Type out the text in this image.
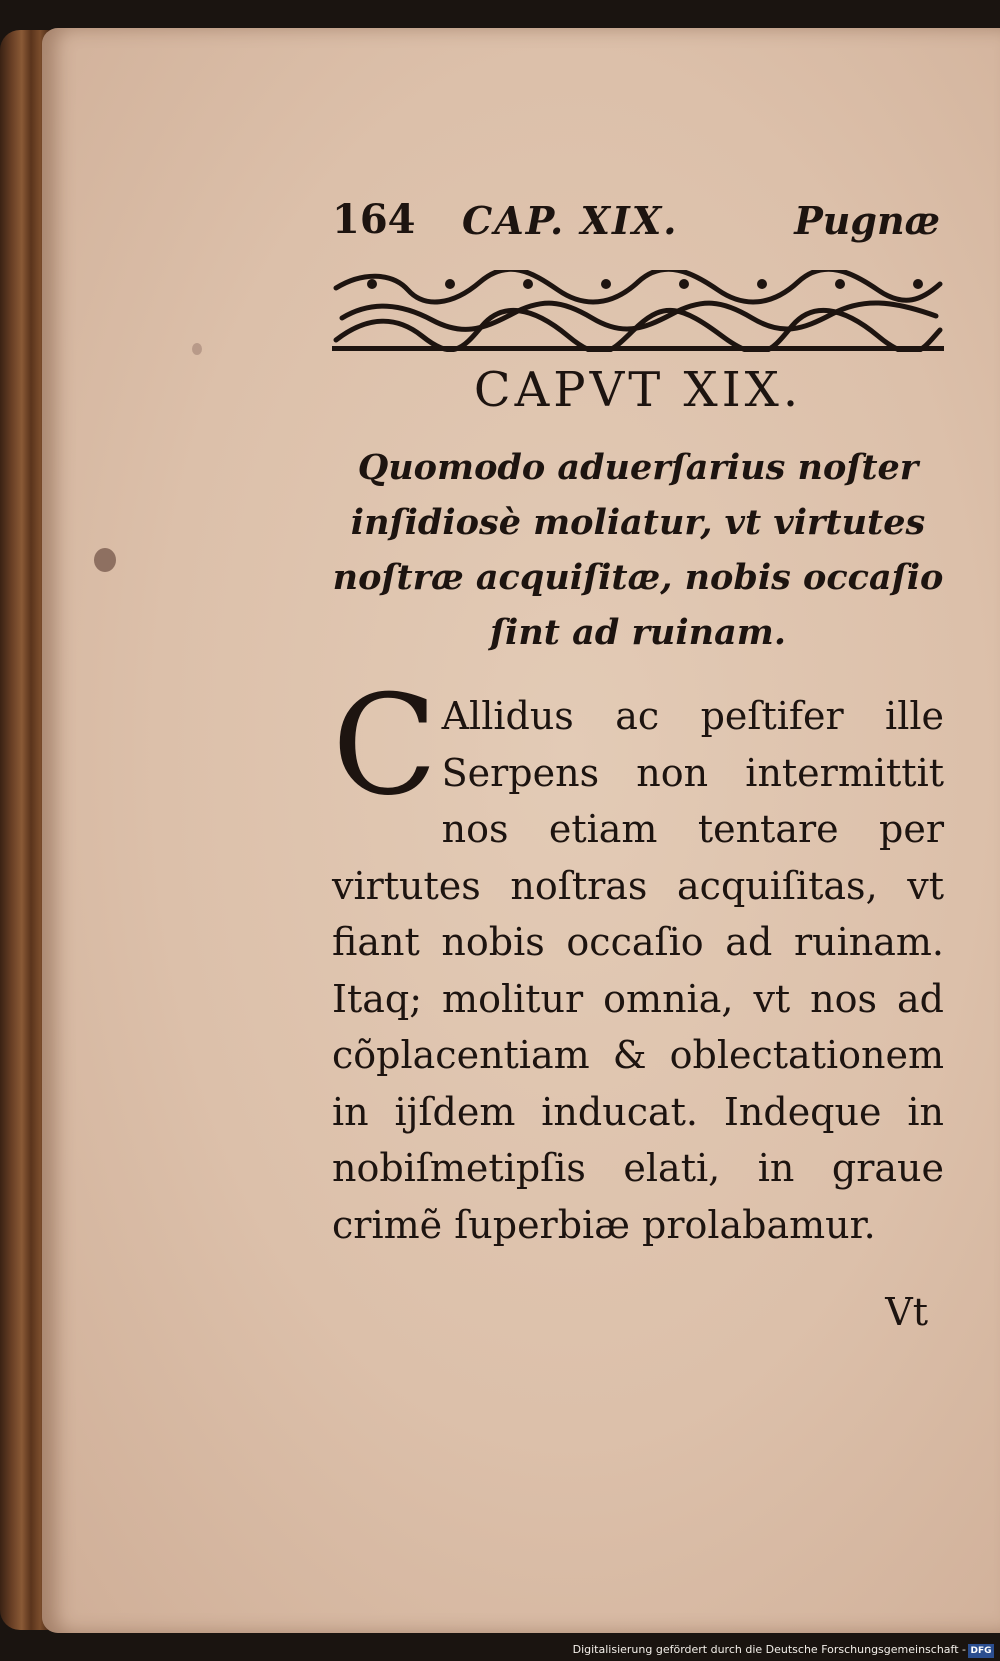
164 CAP. XIX.	Pugnæ
CAPVT XIX.
Quomodo aduerſarius noſter inſidiosè moliatur, vt virtutes noſtræ acquiſitæ, nobis occaſio ſint ad ruinam.
C Allidus ac peſtifer ille Serpens non intermittit nos etiam tentare per virtutes noſtras acquiſitas, vt fiant nobis occaſio ad ruinam. Itaq; molitur omnia, vt nos ad cõplacentiam & oblectationem in ijſdem inducat. Indeque in nobiſmetipſis elati, in graue crimẽ ſuperbiæ prolabamur.
Vt
Digitalisierung gefördert durch die Deutsche Forschungsgemeinschaft - DFG
